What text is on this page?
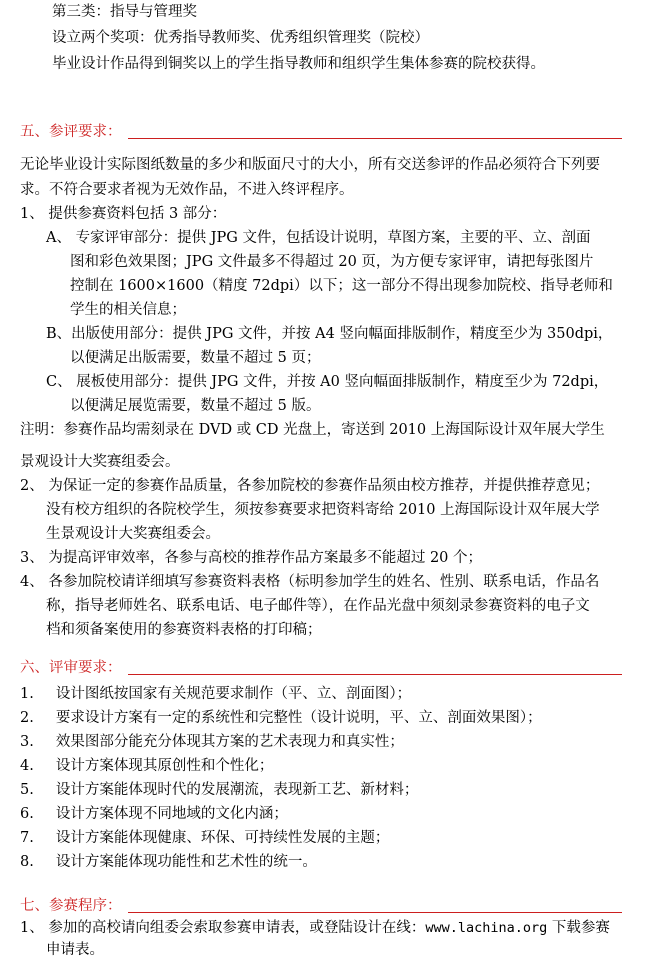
第三类：指导与管理奖
设立两个奖项：优秀指导教师奖、优秀组织管理奖（院校）
毕业设计作品得到铜奖以上的学生指导教师和组织学生集体参赛的院校获得。
五、参评要求：
无论毕业设计实际图纸数量的多少和版面尺寸的大小，所有交送参评的作品必须符合下列要
求。不符合要求者视为无效作品，不进入终评程序。
1、 提供参赛资料包括 3 部分：
A、 专家评审部分：提供 JPG 文件，包括设计说明，草图方案，主要的平、立、剖面
图和彩色效果图；JPG 文件最多不得超过 20 页，为方便专家评审，请把每张图片
控制在 1600×1600（精度 72dpi）以下；这一部分不得出现参加院校、指导老师和
学生的相关信息；
B、出版使用部分：提供 JPG 文件，并按 A4 竖向幅面排版制作，精度至少为 350dpi，
以便满足出版需要，数量不超过 5 页；
C、 展板使用部分：提供 JPG 文件，并按 A0 竖向幅面排版制作，精度至少为 72dpi，
以便满足展览需要，数量不超过 5 版。
注明：参赛作品均需刻录在 DVD 或 CD 光盘上，寄送到 2010 上海国际设计双年展大学生
景观设计大奖赛组委会。
2、 为保证一定的参赛作品质量，各参加院校的参赛作品须由校方推荐，并提供推荐意见；
没有校方组织的各院校学生，须按参赛要求把资料寄给 2010 上海国际设计双年展大学
生景观设计大奖赛组委会。
3、 为提高评审效率，各参与高校的推荐作品方案最多不能超过 20 个；
4、 各参加院校请详细填写参赛资料表格（标明参加学生的姓名、性别、联系电话，作品名
称，指导老师姓名、联系电话、电子邮件等），在作品光盘中须刻录参赛资料的电子文
档和须备案使用的参赛资料表格的打印稿；
六、评审要求：
1. 设计图纸按国家有关规范要求制作（平、立、剖面图）；
2. 要求设计方案有一定的系统性和完整性（设计说明，平、立、剖面效果图）；
3. 效果图部分能充分体现其方案的艺术表现力和真实性；
4. 设计方案体现其原创性和个性化；
5. 设计方案能体现时代的发展潮流，表现新工艺、新材料；
6. 设计方案体现不同地域的文化内涵；
7. 设计方案能体现健康、环保、可持续性发展的主题；
8. 设计方案能体现功能性和艺术性的统一。
七、参赛程序：
1、 参加的高校请向组委会索取参赛申请表，或登陆设计在线：www.lachina.org 下载参赛
申请表。
